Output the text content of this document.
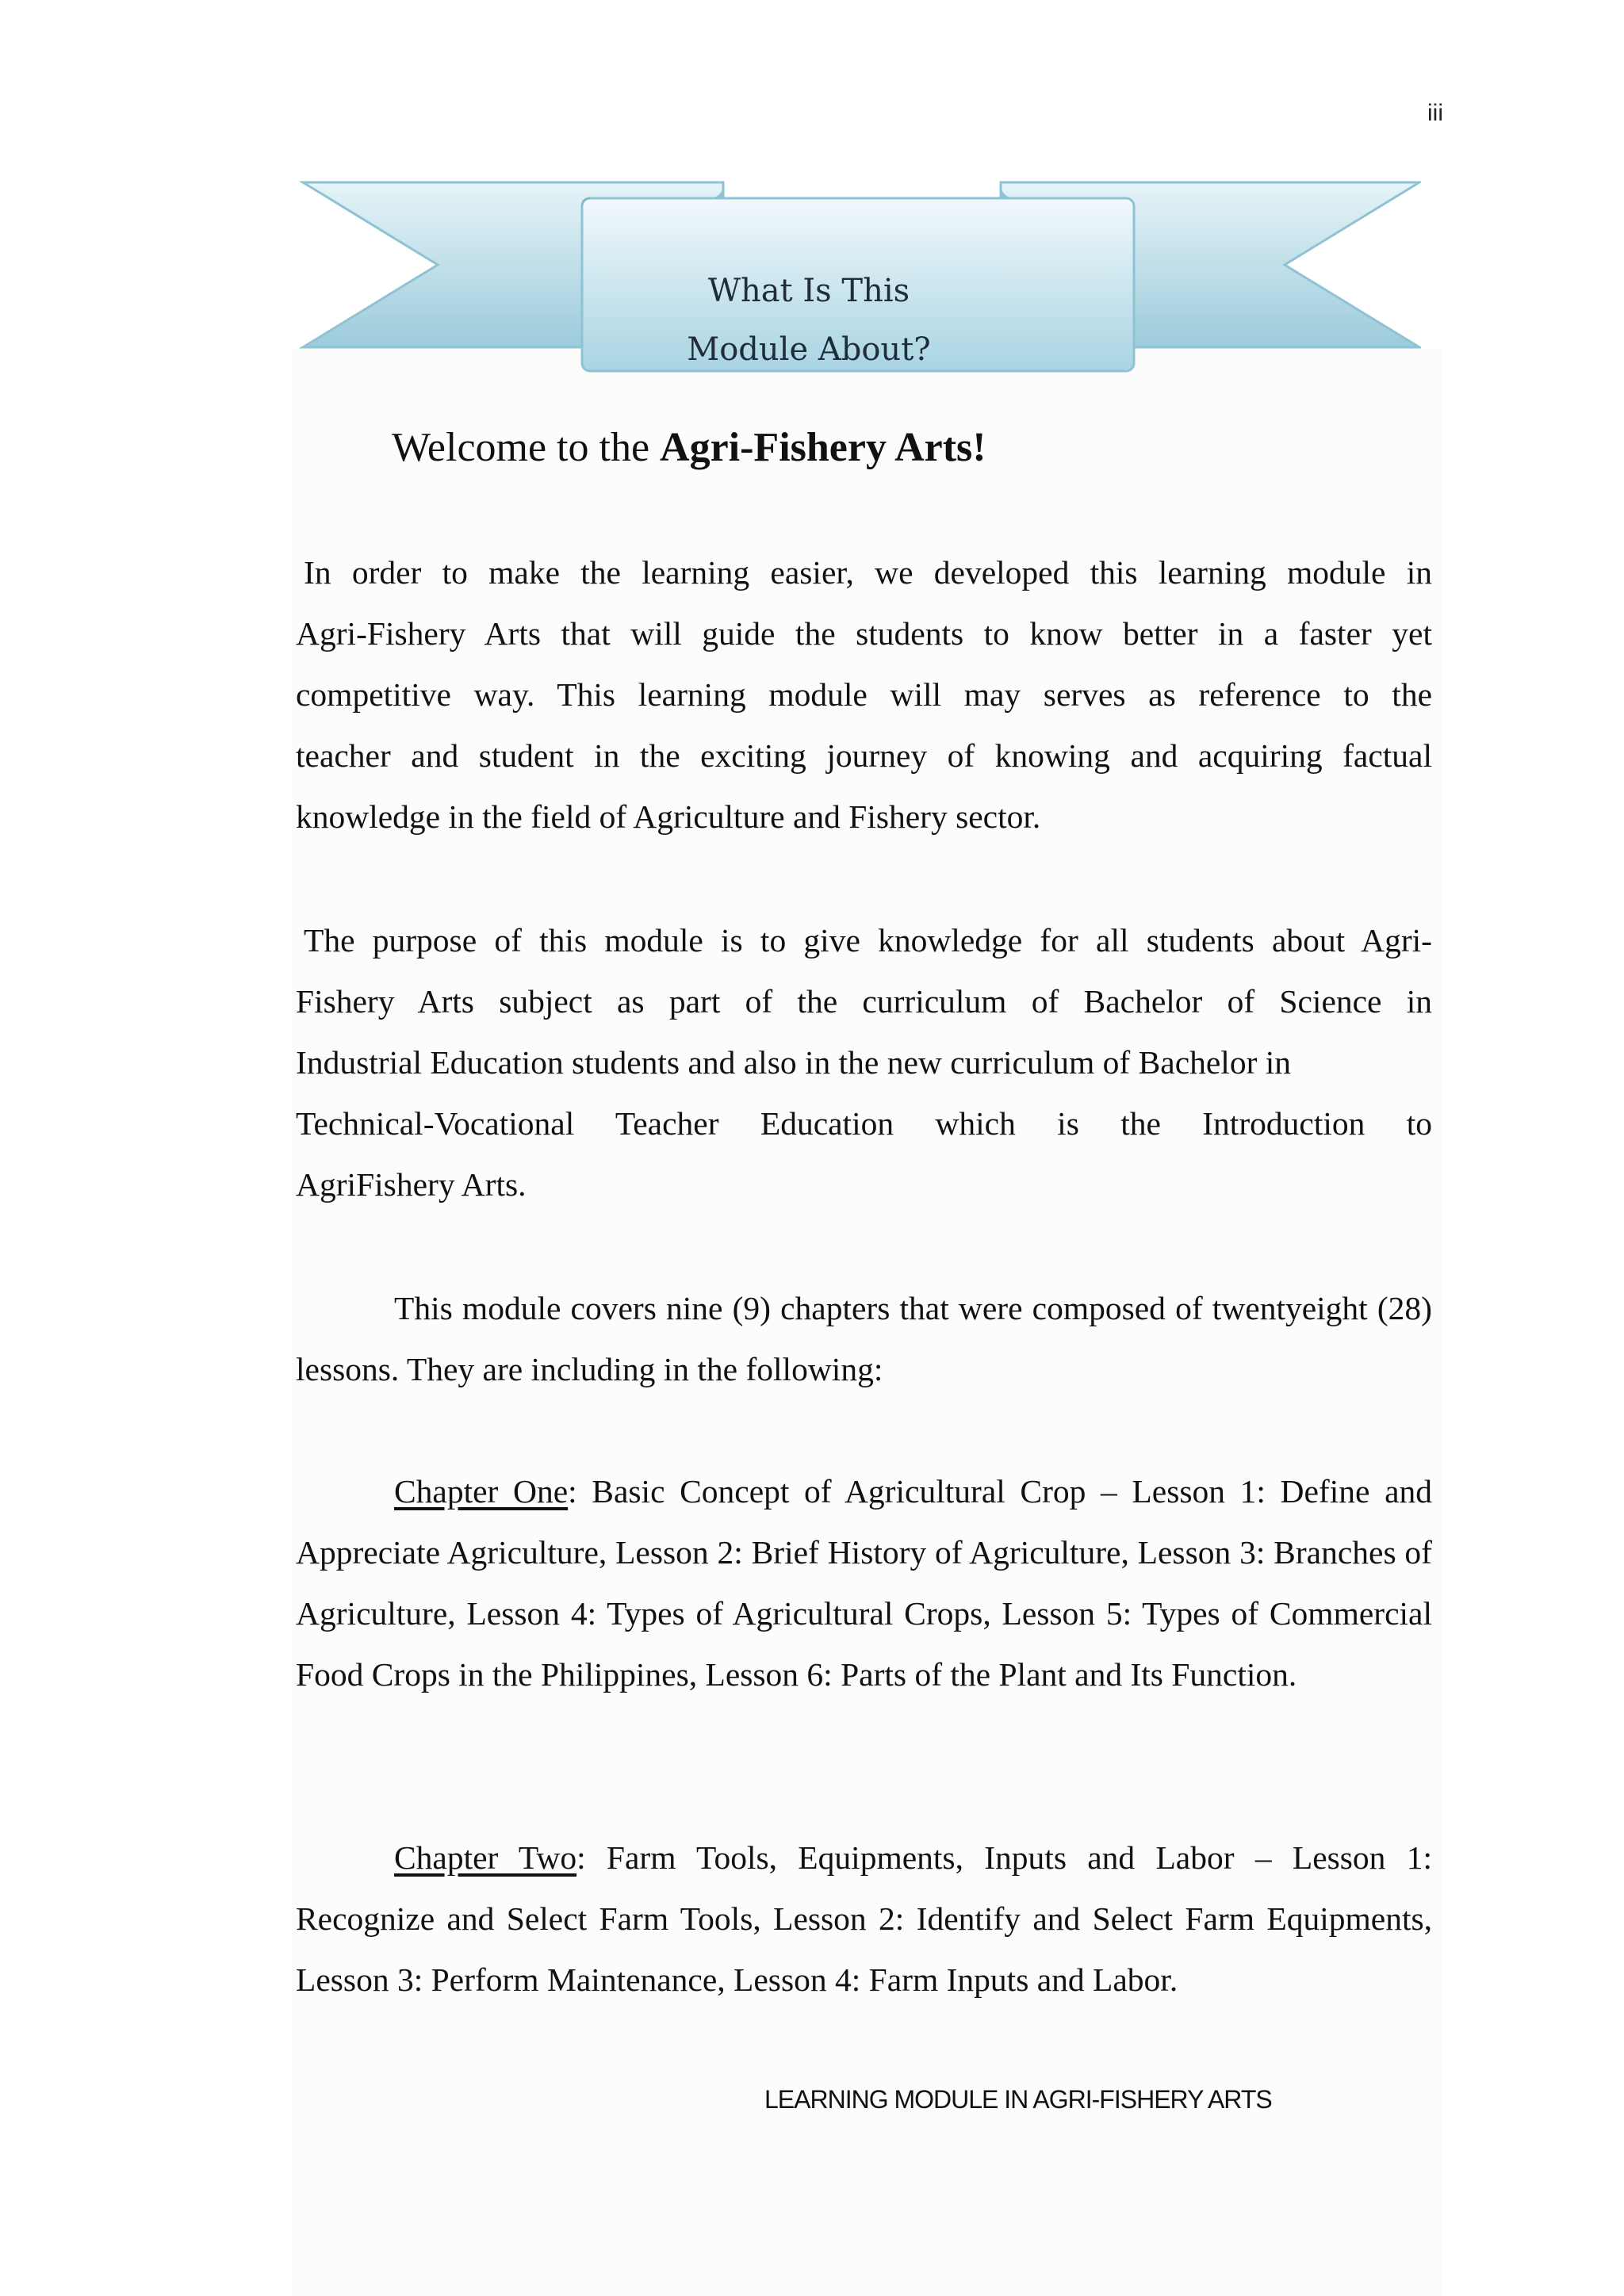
iii
What Is This
Module About?
Welcome to the Agri-Fishery Arts!
In order to make the learning easier, we developed this learning module in
Agri-Fishery Arts that will guide the students to know better in a faster yet
competitive way. This learning module will may serves as reference to the
teacher and student in the exciting journey of knowing and acquiring factual
knowledge in the field of Agriculture and Fishery sector.
The purpose of this module is to give knowledge for all students about Agri-
Fishery Arts subject as part of the curriculum of Bachelor of Science in
Industrial Education students and also in the new curriculum of Bachelor in
Technical-Vocational Teacher Education which is the Introduction to
AgriFishery Arts.
This module covers nine (9) chapters that were composed of twentyeight (28) lessons. They are including in the following:
Chapter One: Basic Concept of Agricultural Crop – Lesson 1: Define and Appreciate Agriculture, Lesson 2: Brief History of Agriculture, Lesson 3: Branches of Agriculture, Lesson 4: Types of Agricultural Crops, Lesson 5: Types of Commercial Food Crops in the Philippines, Lesson 6: Parts of the Plant and Its Function.
Chapter Two: Farm Tools, Equipments, Inputs and Labor – Lesson 1: Recognize and Select Farm Tools, Lesson 2: Identify and Select Farm Equipments, Lesson 3: Perform Maintenance, Lesson 4: Farm Inputs and Labor.
LEARNING MODULE IN AGRI-FISHERY ARTS
